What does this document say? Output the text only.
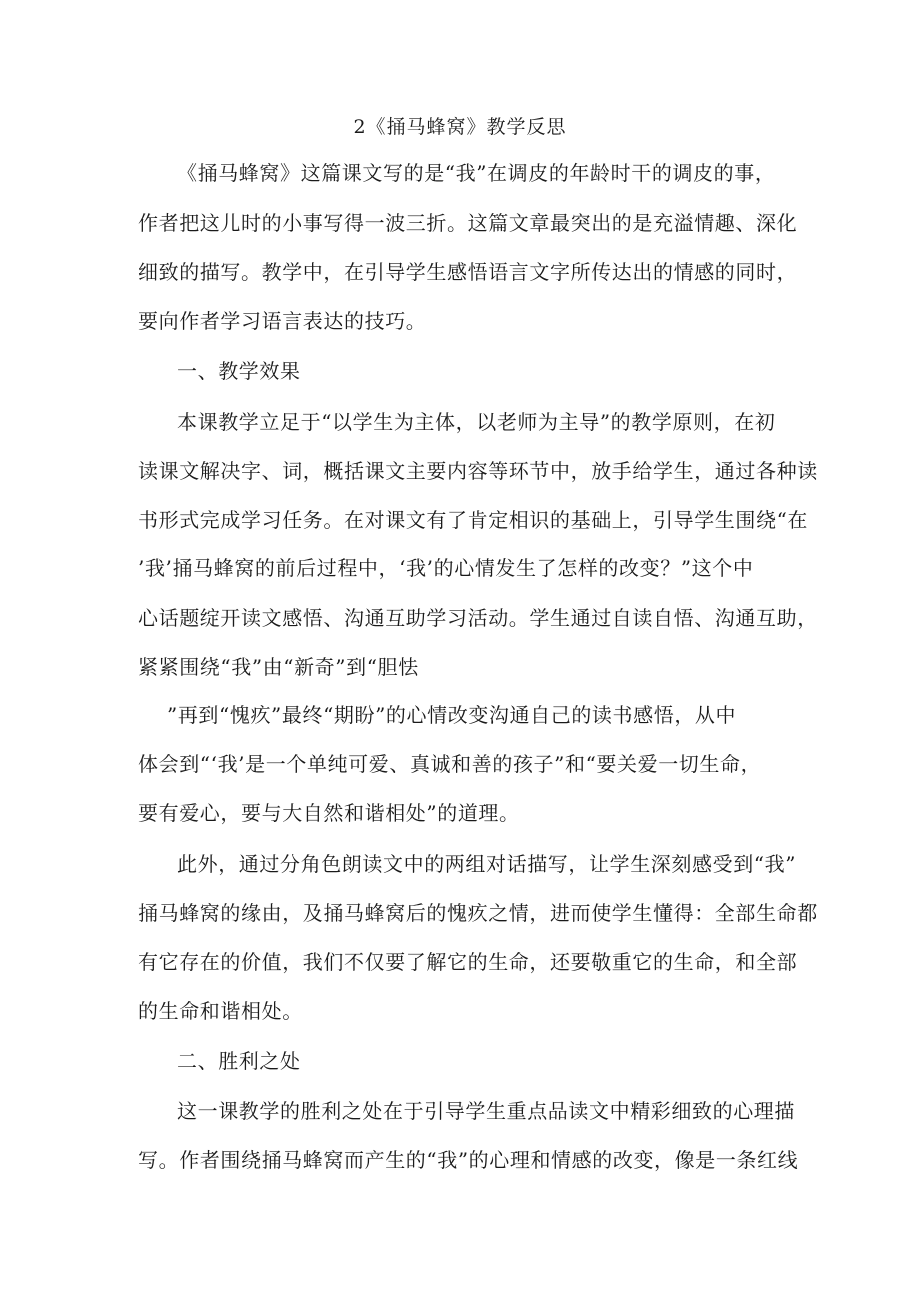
2《捅马蜂窝》教学反思
《捅马蜂窝》这篇课文写的是“我”在调皮的年龄时干的调皮的事，
作者把这儿时的小事写得一波三折。这篇文章最突出的是充溢情趣、深化
细致的描写。教学中，在引导学生感悟语言文字所传达出的情感的同时，
要向作者学习语言表达的技巧。
一、教学效果
本课教学立足于“以学生为主体，以老师为主导”的教学原则，在初
读课文解决字、词，概括课文主要内容等环节中，放手给学生，通过各种读
书形式完成学习任务。在对课文有了肯定相识的基础上，引导学生围绕“在
’我’捅马蜂窝的前后过程中，‘我’的心情发生了怎样的改变？”这个中
心话题绽开读文感悟、沟通互助学习活动。学生通过自读自悟、沟通互助，
紧紧围绕“我”由“新奇”到“胆怯
”再到“愧疚”最终“期盼”的心情改变沟通自己的读书感悟，从中
体会到“‘我’是一个单纯可爱、真诚和善的孩子”和“要关爱一切生命，
要有爱心，要与大自然和谐相处”的道理。
此外，通过分角色朗读文中的两组对话描写，让学生深刻感受到“我”
捅马蜂窝的缘由，及捅马蜂窝后的愧疚之情，进而使学生懂得：全部生命都
有它存在的价值，我们不仅要了解它的生命，还要敬重它的生命，和全部
的生命和谐相处。
二、胜利之处
这一课教学的胜利之处在于引导学生重点品读文中精彩细致的心理描
写。作者围绕捅马蜂窝而产生的“我”的心理和情感的改变，像是一条红线
